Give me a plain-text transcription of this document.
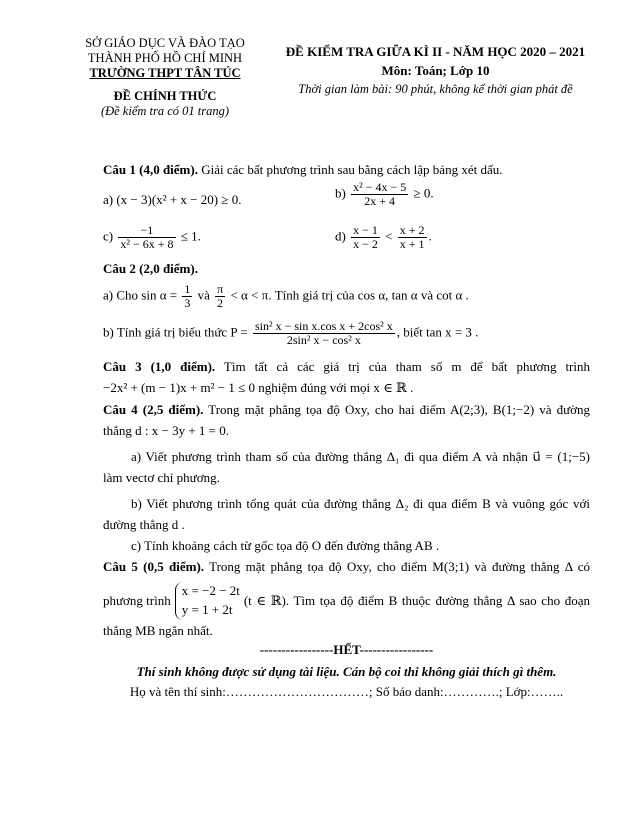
SỞ GIÁO DỤC VÀ ĐÀO TẠO
THÀNH PHỐ HỒ CHÍ MINH
TRƯỜNG THPT TÂN TÚC
ĐỀ CHÍNH THỨC
(Đề kiểm tra có 01 trang)
ĐỀ KIỂM TRA GIỮA KÌ II - NĂM HỌC 2020 – 2021
Môn: Toán; Lớp 10
Thời gian làm bài: 90 phút, không kể thời gian phát đề
Câu 1 (4,0 điểm). Giải các bất phương trình sau bằng cách lập bảng xét dấu.
a) (x − 3)(x² + x − 20) ≥ 0.	$b) \frac{\text{x² − 4x − 5}}{2x + 4} \ge 0$.
$c) \frac{-1}{\text{x² − 6x + 8}} \le 1$.	$d) \frac{x - 1}{x - 2} < \frac{x + 2}{x + 1}$ .
Câu 2 (2,0 điểm).
a) Cho $\sin \alpha = \frac{1}{3}$ và $\frac{\pi}{2} < \alpha < \pi$. Tính giá trị của cos α, tan α và cot α .
b) Tính giá trị biểu thức $P = \frac{\text{sin² x − sin x.cos x + 2cos² x}}{\text{2sin² x − cos² x}}$ , biết tan x = 3 .
Câu 3 (1,0 điểm). Tìm tất cả các giá trị của tham số m để bất phương trình
−2x² + (m − 1)x + m² − 1 ≤ 0 nghiệm đúng với mọi x ∈ ℝ .
Câu 4 (2,5 điểm). Trong mặt phẳng tọa độ Oxy, cho hai điểm A(2;3), B(1;−2) và đường
thẳng d : x − 3y + 1 = 0.
a) Viết phương trình tham số của đường thẳng Δ₁ đi qua điểm A và nhận u⃗ = (1;−5)
làm vectơ chỉ phương.
b) Viết phương trình tổng quát của đường thẳng Δ₂ đi qua điểm B và vuông góc với
đường thẳng d .
c) Tính khoảng cách từ gốc tọa độ O đến đường thẳng AB .
Câu 5 (0,5 điểm). Trong mặt phẳng tọa độ Oxy, cho điểm M(3;1) và đường thẳng Δ có
phương trình
x = −2 − 2t
y = 1 + 2t
(t ∈ ℝ). Tìm tọa độ điểm B thuộc đường thẳng Δ sao cho đoạn
thẳng MB ngắn nhất.
-----------------HẾT-----------------
Thí sinh không được sử dụng tài liệu. Cán bộ coi thi không giải thích gì thêm.
Họ và tên thí sinh:……………………………; Số báo danh:………….; Lớp:……..
